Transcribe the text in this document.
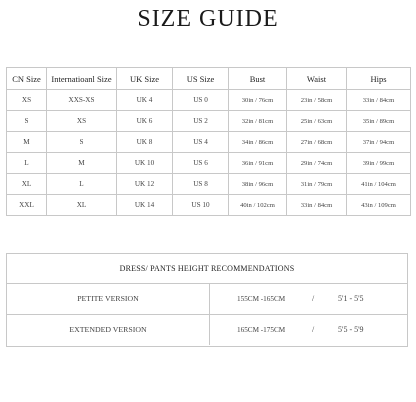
SIZE GUIDE
CN Size	Internatioanl Size	UK Size	US Size	Bust	Waist	Hips
XS	XXS-XS	UK 4	US 0	30in / 76cm	23in / 58cm	33in / 84cm
S	XS	UK 6	US 2	32in / 81cm	25in / 63cm	35in / 89cm
M	S	UK 8	US 4	34in / 86cm	27in / 68cm	37in / 94cm
L	M	UK 10	US 6	36in / 91cm	29in / 74cm	39in / 99cm
XL	L	UK 12	US 8	38in / 96cm	31in / 79cm	41in / 104cm
XXL	XL	UK 14	US 10	40in / 102cm	33in / 84cm	43in / 109cm
DRESS/ PANTS HEIGHT RECOMMENDATIONS
PETITE VERSION	155CM -165CM	/	5'1 - 5'5
EXTENDED VERSION	165CM -175CM	/	5'5 - 5'9
